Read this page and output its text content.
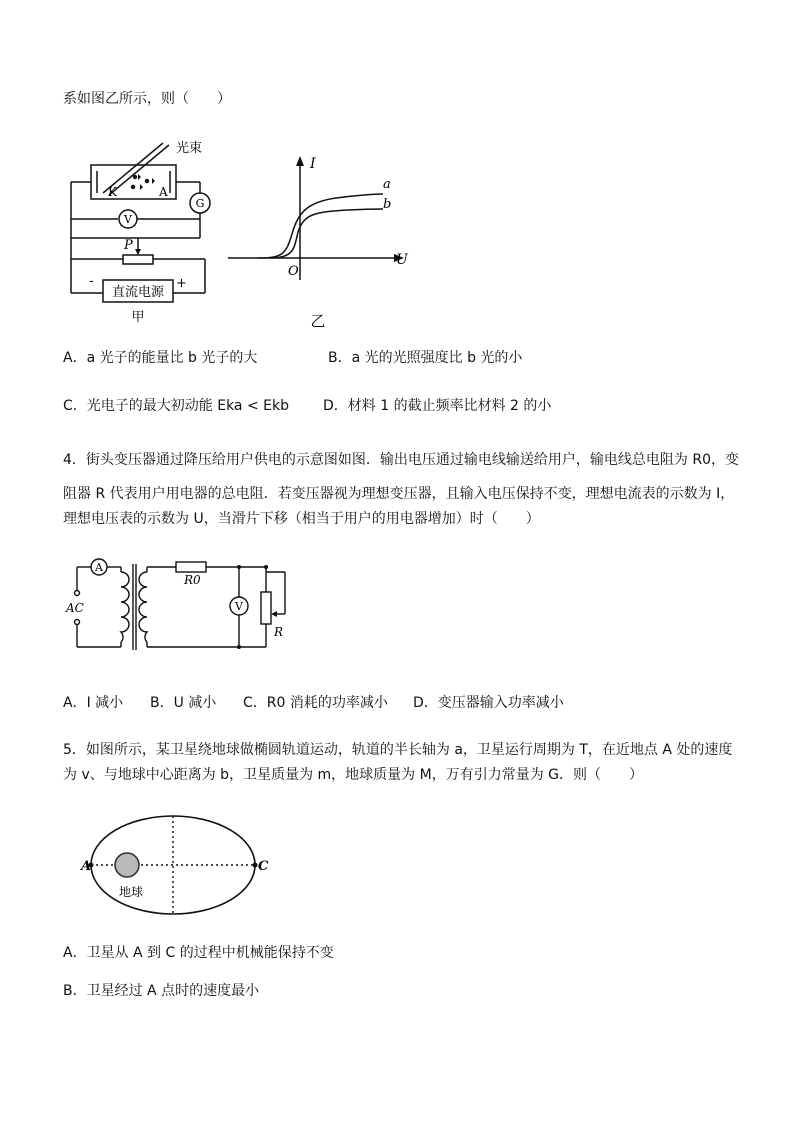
系如图乙所示，则（　　）
光束
K	A
G
V
P
-	+
直流电源
甲
I
U
O
a
b
乙
A．a 光子的能量比 b 光子的大	B．a 光的光照强度比 b 光的小
C．光电子的最大初动能 Eka < Ekb D．材料 1 的截止频率比材料 2 的小
4．街头变压器通过降压给用户供电的示意图如图．输出电压通过输电线输送给用户，输电线总电阻为 R0，变
阻器 R 代表用户用电器的总电阻．若变压器视为理想变压器，且输入电压保持不变，理想电流表的示数为 I，
理想电压表的示数为 U，当滑片下移（相当于用户的用电器增加）时（　　）
A
AC
R0
V
R
A．I 减小 B．U 减小 C．R0 消耗的功率减小 D．变压器输入功率减小
5．如图所示，某卫星绕地球做椭圆轨道运动，轨道的半长轴为 a，卫星运行周期为 T，在近地点 A 处的速度
为 v、与地球中心距离为 b，卫星质量为 m，地球质量为 M，万有引力常量为 G．则（　　）
A	C
地球
A．卫星从 A 到 C 的过程中机械能保持不变
B．卫星经过 A 点时的速度最小
